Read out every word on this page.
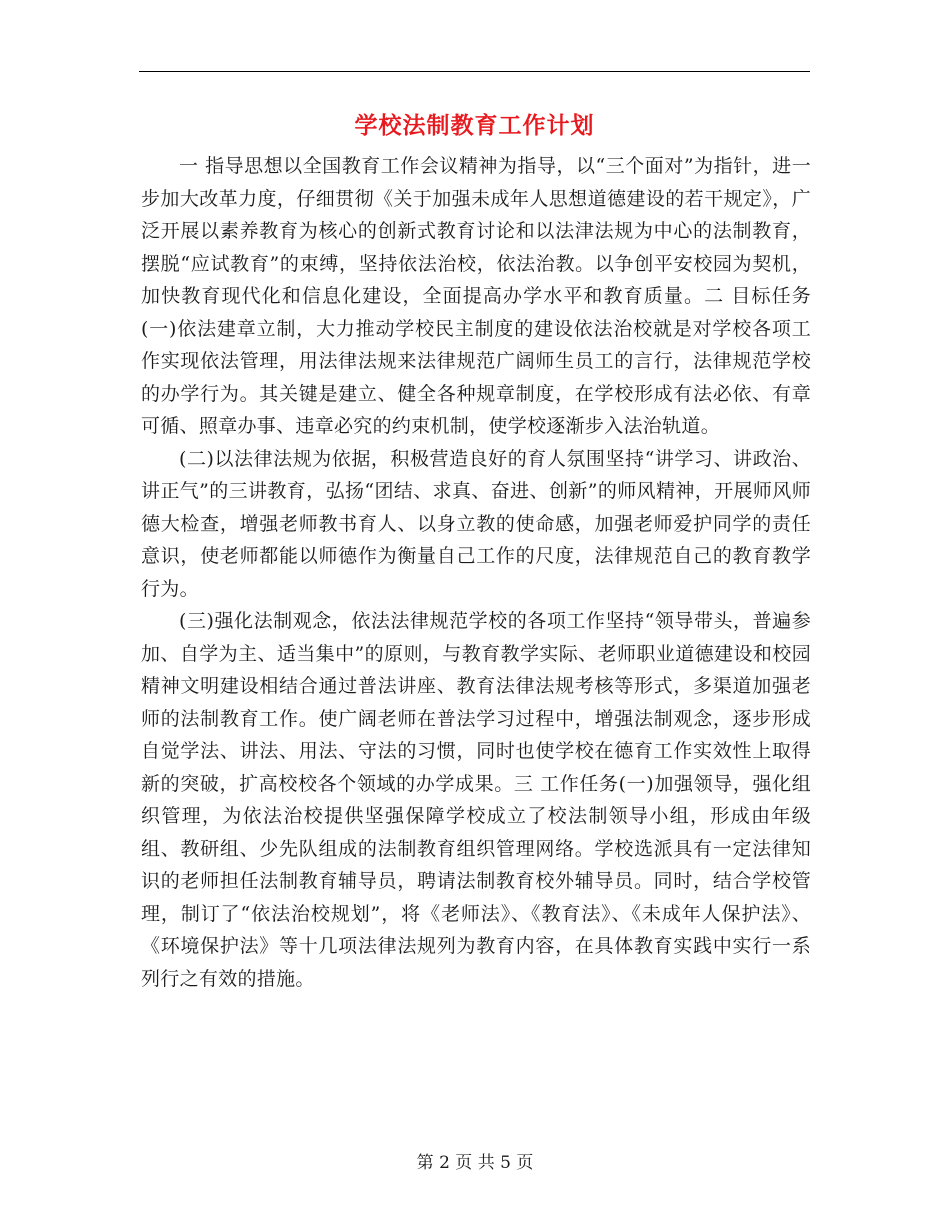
学校法制教育工作计划

一 指导思想以全国教育工作会议精神为指导，以“三个面对”为指针，进一步加大改革力度，仔细贯彻《关于加强未成年人思想道德建设的若干规定》，广泛开展以素养教育为核心的创新式教育讨论和以法津法规为中心的法制教育，摆脱“应试教育”的束缚，坚持依法治校，依法治教。以争创平安校园为契机，加快教育现代化和信息化建设，全面提高办学水平和教育质量。二 目标任务(一)依法建章立制，大力推动学校民主制度的建设依法治校就是对学校各项工作实现依法管理，用法律法规来法律规范广阔师生员工的言行，法律规范学校的办学行为。其关键是建立、健全各种规章制度，在学校形成有法必依、有章可循、照章办事、违章必究的约束机制，使学校逐渐步入法治轨道。

(二)以法律法规为依据，积极营造良好的育人氛围坚持“讲学习、讲政治、讲正气”的三讲教育，弘扬“团结、求真、奋进、创新”的师风精神，开展师风师德大检查，增强老师教书育人、以身立教的使命感，加强老师爱护同学的责任意识，使老师都能以师德作为衡量自己工作的尺度，法律规范自己的教育教学行为。

(三)强化法制观念，依法法律规范学校的各项工作坚持“领导带头，普遍参加、自学为主、适当集中”的原则，与教育教学实际、老师职业道德建设和校园精神文明建设相结合通过普法讲座、教育法律法规考核等形式，多渠道加强老师的法制教育工作。使广阔老师在普法学习过程中，增强法制观念，逐步形成自觉学法、讲法、用法、守法的习惯，同时也使学校在德育工作实效性上取得新的突破，扩高校校各个领域的办学成果。三 工作任务(一)加强领导，强化组织管理，为依法治校提供坚强保障学校成立了校法制领导小组，形成由年级组、教研组、少先队组成的法制教育组织管理网络。学校选派具有一定法律知识的老师担任法制教育辅导员，聘请法制教育校外辅导员。同时，结合学校管理，制订了“依法治校规划”，将《老师法》、《教育法》、《未成年人保护法》、《环境保护法》等十几项法律法规列为教育内容，在具体教育实践中实行一系列行之有效的措施。

第 2 页 共 5 页
